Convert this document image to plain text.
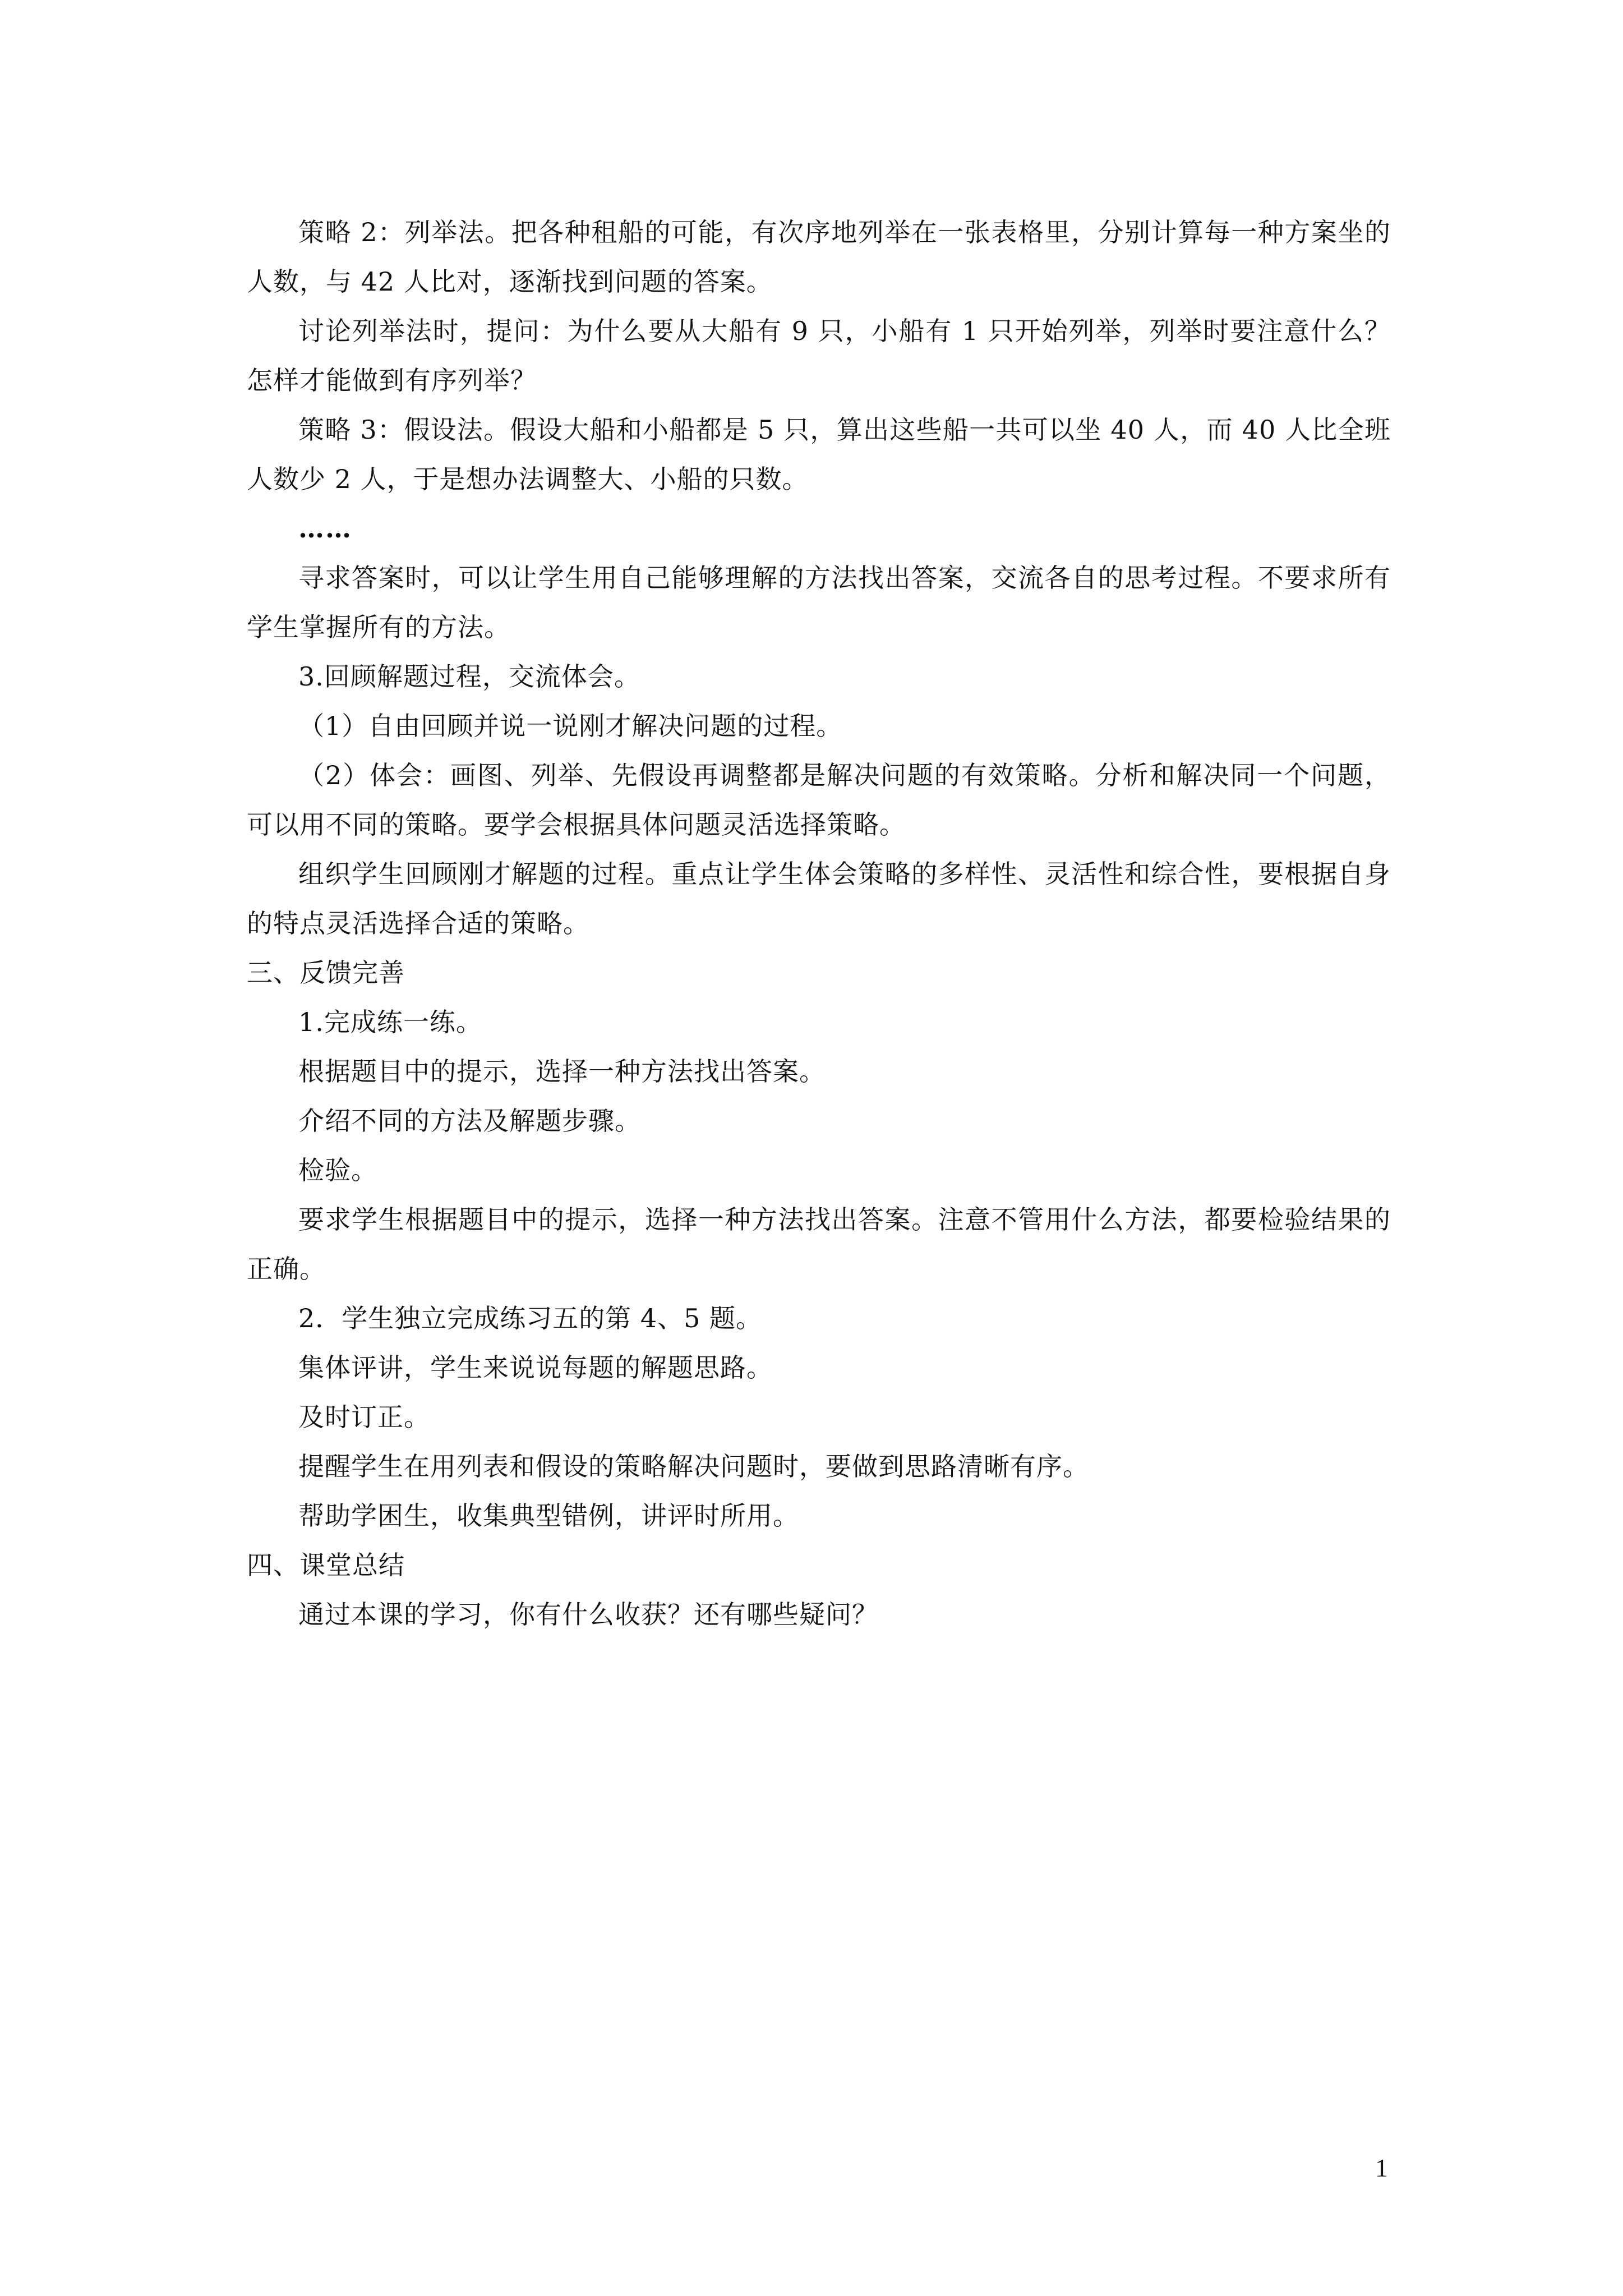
策略 2：列举法。把各种租船的可能，有次序地列举在一张表格里，分别计算每一种方案坐的人数，与 42 人比对，逐渐找到问题的答案。

讨论列举法时，提问：为什么要从大船有 9 只，小船有 1 只开始列举，列举时要注意什么？怎样才能做到有序列举？

策略 3：假设法。假设大船和小船都是 5 只，算出这些船一共可以坐 40 人，而 40 人比全班人数少 2 人，于是想办法调整大、小船的只数。

……

寻求答案时，可以让学生用自己能够理解的方法找出答案，交流各自的思考过程。不要求所有学生掌握所有的方法。

3.回顾解题过程，交流体会。

（1）自由回顾并说一说刚才解决问题的过程。

（2）体会：画图、列举、先假设再调整都是解决问题的有效策略。分析和解决同一个问题，可以用不同的策略。要学会根据具体问题灵活选择策略。

组织学生回顾刚才解题的过程。重点让学生体会策略的多样性、灵活性和综合性，要根据自身的特点灵活选择合适的策略。

三、反馈完善

1.完成练一练。

根据题目中的提示，选择一种方法找出答案。

介绍不同的方法及解题步骤。

检验。

要求学生根据题目中的提示，选择一种方法找出答案。注意不管用什么方法，都要检验结果的正确。

2．学生独立完成练习五的第 4、5 题。

集体评讲，学生来说说每题的解题思路。

及时订正。

提醒学生在用列表和假设的策略解决问题时，要做到思路清晰有序。

帮助学困生，收集典型错例，讲评时所用。

四、课堂总结

通过本课的学习，你有什么收获？还有哪些疑问？

1
